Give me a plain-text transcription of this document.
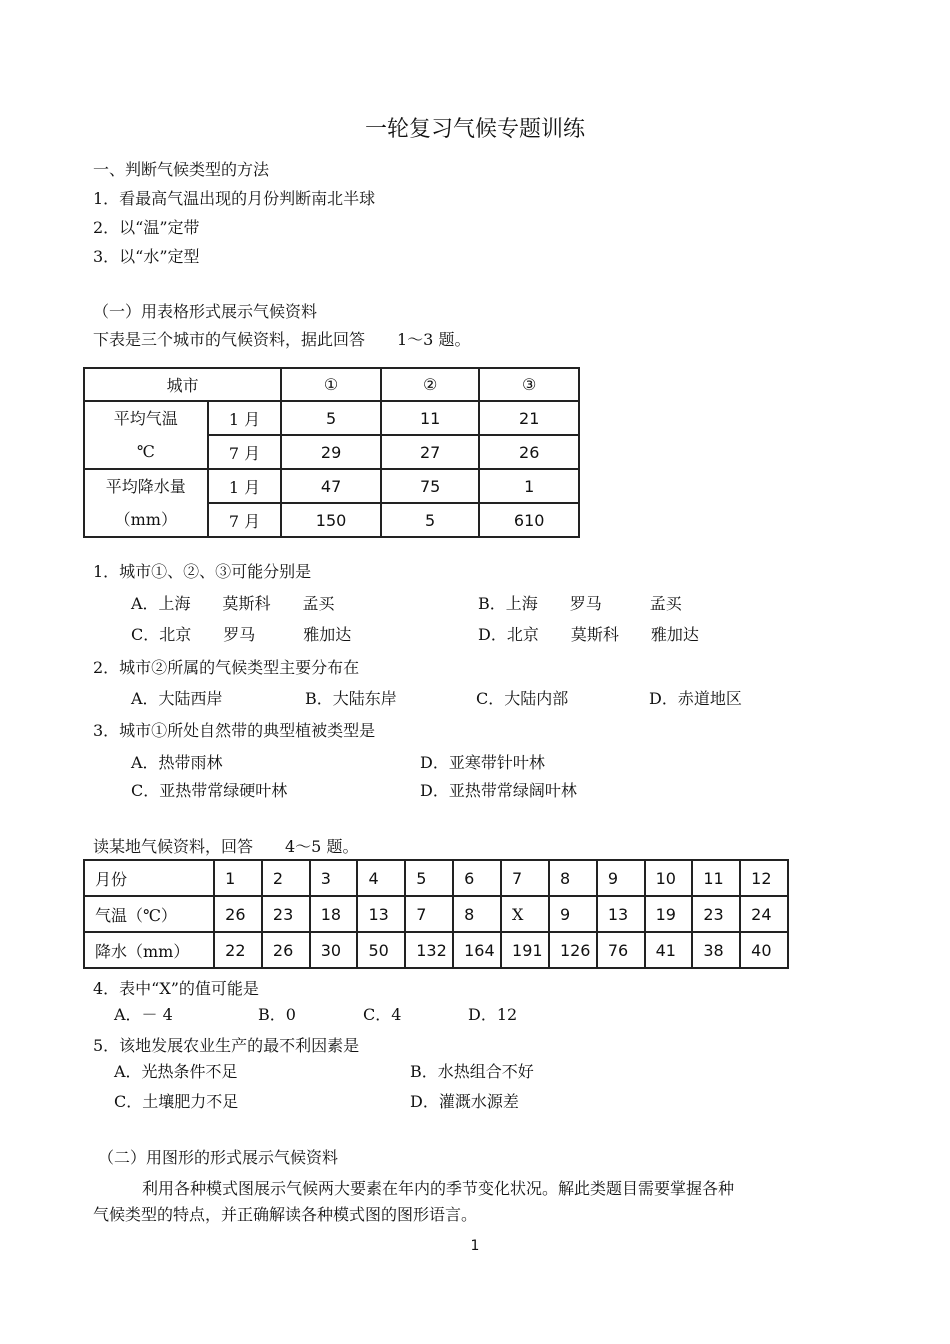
一轮复习气候专题训练
一、判断气候类型的方法
1．看最高气温出现的月份判断南北半球
2．以“温”定带
3．以“水”定型
（一）用表格形式展示气候资料
下表是三个城市的气候资料，据此回答　　1～3 题。
城市		①	②	③
平均气温
℃	1 月	5	11	21
	7 月	29	27	26
平均降水量
（mm）	1 月	47	75	1
	7 月	150	5	610
1．城市①、②、③可能分别是
A．上海　　莫斯科　　孟买	B．上海　　罗马　　　孟买
C．北京　　罗马　　　雅加达	D．北京　　莫斯科　　雅加达
2．城市②所属的气候类型主要分布在
A．大陆西岸	B．大陆东岸	C．大陆内部	D．赤道地区
3．城市①所处自然带的典型植被类型是
A．热带雨林	D．亚寒带针叶林
C．亚热带常绿硬叶林	D．亚热带常绿阔叶林
读某地气候资料，回答　　4～5 题。
月份	1	2	3	4	5	6	7	8	9	10	11	12
气温（℃）	26	23	18	13	7	8	X	9	13	19	23	24
降水（mm）	22	26	30	50	132	164	191	126	76	41	38	40
4．表中“X”的值可能是
A．－ 4	B．0	C．4	D．12
5．该地发展农业生产的最不利因素是
A．光热条件不足	B．水热组合不好
C．土壤肥力不足	D．灌溉水源差
（二）用图形的形式展示气候资料
利用各种模式图展示气候两大要素在年内的季节变化状况。解此类题目需要掌握各种
气候类型的特点，并正确解读各种模式图的图形语言。
1
